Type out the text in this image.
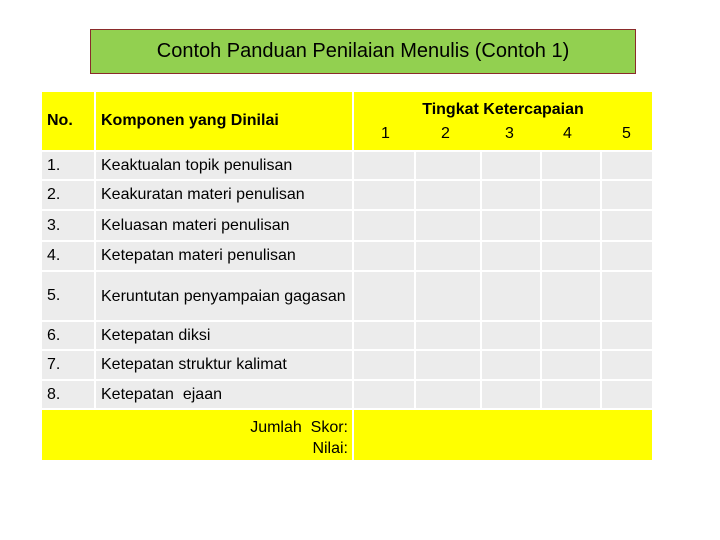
Contoh Panduan Penilaian Menulis (Contoh 1)
No.	Komponen yang Dinilai
Tingkat Ketercapaian
1	2	3	4	5
1.	Keaktualan topik penulisan
2.	Keakuratan materi penulisan
3.	Keluasan materi penulisan
4.	Ketepatan materi penulisan
5.	Keruntutan penyampaian gagasan
6.	Ketepatan diksi
7.	Ketepatan struktur kalimat
8.	Ketepatan  ejaan
Jumlah  Skor:
Nilai:
